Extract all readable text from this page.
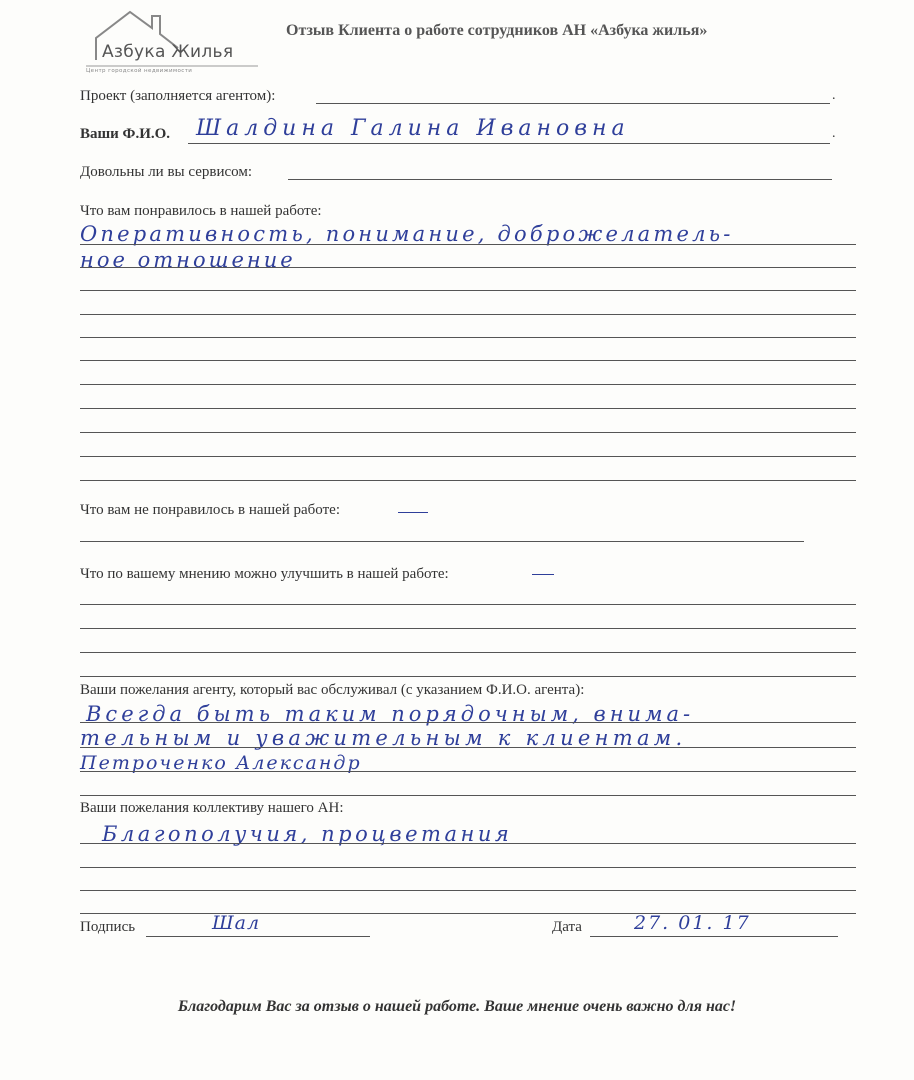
Азбука Жилья
Центр городской недвижимости
Отзыв Клиента о работе сотрудников АН «Азбука жилья»
Проект (заполняется агентом):	.
Ваши Ф.И.О.	.
Шалдина Галина Ивановна
Довольны ли вы сервисом:
Что вам понравилось в нашей работе:
Оперативность, понимание, доброжелатель-
ное отношение
Что вам не понравилось в нашей работе:
Что по вашему мнению можно улучшить в нашей работе:
Ваши пожелания агенту, который вас обслуживал (с указанием Ф.И.О. агента):
Всегда быть таким порядочным, внима-
тельным и уважительным к клиентам.
Петроченко Александр
Ваши пожелания коллективу нашего АН:
Благополучия, процветания
Подпись	Шал	Дата	27. 01. 17
Благодарим Вас за отзыв о нашей работе. Ваше мнение очень важно для нас!
